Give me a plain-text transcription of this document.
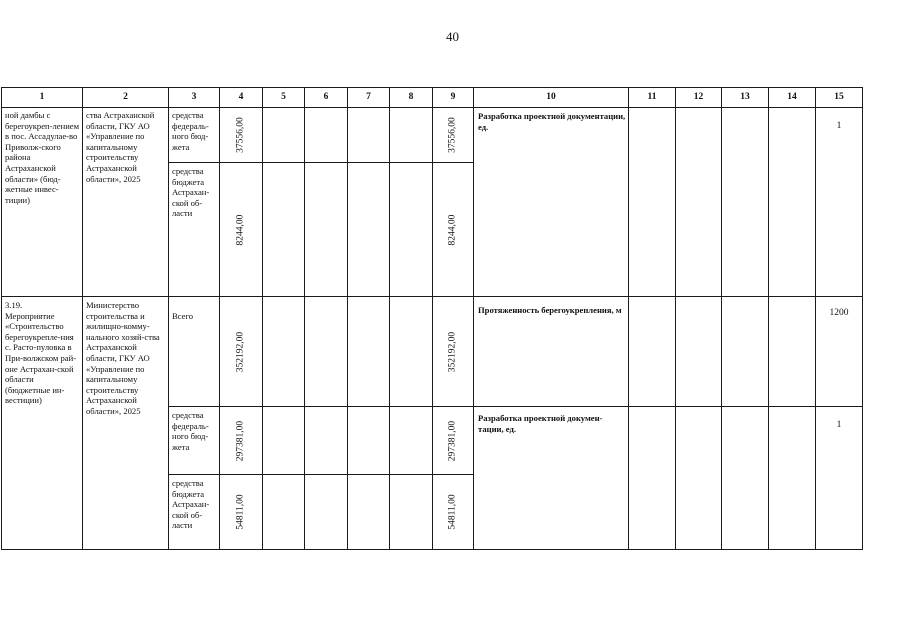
40
1	2	3	4	5	6	7	8	9	10	11	12	13	14	15

ной дамбы с берегоукреп-лением в пос. Ассадулае-во Приволж-ского района Астраханской области» (бюд-жетные инвес-тиции)	ства Астраханской области, ГКУ АО «Управление по капитальному строительству Астраханской области», 2025	средства федераль-ного бюд-жета	37556,00					37556,00	Разработка проектной документации, ед.					1

		средства бюджета Астрахан-ской об-ласти	8244,00					8244,00						

3.19.
Мероприятие «Строительство берегоукрепле-ния с. Расто-пуловка в При-волжском рай-оне Астрахан-ской области (бюджетные ин-вестиции)	Министерство строительства и жилищно-комму-нального хозяй-ства Астраханской области, ГКУ АО «Управление по капитальному строительству Астраханской области», 2025	Всего	352192,00					352192,00	Протяженность берегоукрепления, м					1200

		средства федераль-ного бюд-жета	297381,00					297381,00	Разработка проектной докумен-тации, ед.					1

		средства бюджета Астрахан-ской об-ласти	54811,00					54811,00						
